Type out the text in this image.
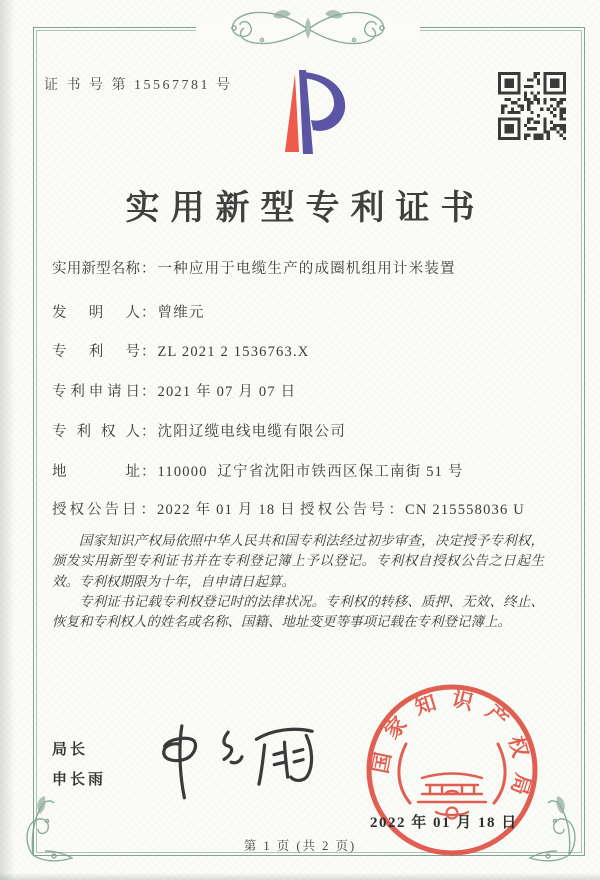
证 书 号 第 15567781 号
实用新型专利证书
实用新型名称： 一种应用于电缆生产的成圈机组用计米装置
发明人： 曾维元
专利号： ZL 2021 2 1536763.X
专利申请日： 2021 年 07 月 07 日
专利权人： 沈阳辽缆电线电缆有限公司
地址： 110000  辽宁省沈阳市铁西区保工南街 51 号
授权公告日： 2022 年 01 月 18 日 授权公告号： CN 215558036 U

国家知识产权局依照中华人民共和国专利法经过初步审查，决定授予专利权，颁发实用新型专利证书并在专利登记簿上予以登记。专利权自授权公告之日起生效。专利权期限为十年，自申请日起算。

专利证书记载专利权登记时的法律状况。专利权的转移、质押、无效、终止、恢复和专利权人的姓名或名称、国籍、地址变更等事项记载在专利登记簿上。

局长
申长雨
国家知识产权局
2022 年 01 月 18 日
第 1 页 (共 2 页)
